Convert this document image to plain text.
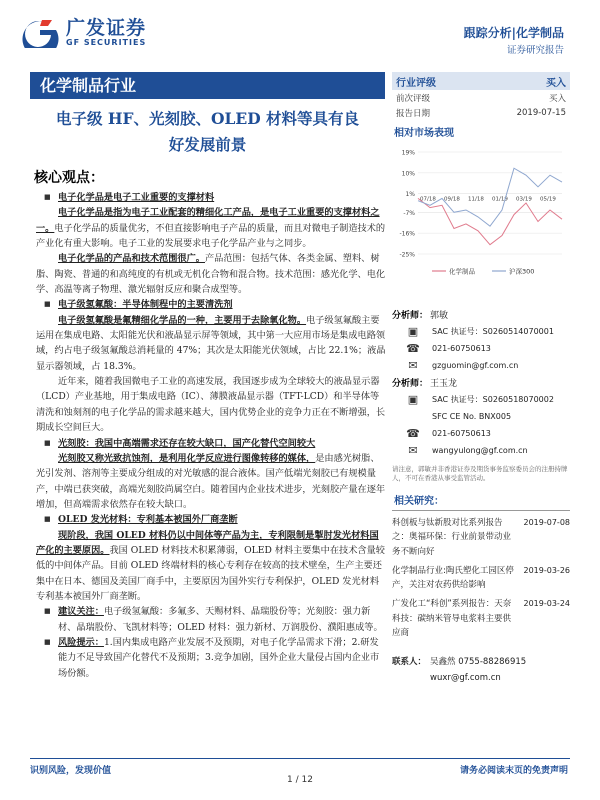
广发证券
GF SECURITIES
跟踪分析|化学制品
证券研究报告
化学制品行业
电子级 HF、光刻胶、OLED 材料等具有良
好发展前景
核心观点：
■ 电子化学品是电子工业重要的支撑材料
电子化学品是指为电子工业配套的精细化工产品，是电子工业重要的支撑材料之一。电子化学品的质量优劣，不但直接影响电子产品的质量，而且对微电子制造技术的产业化有重大影响。电子工业的发展要求电子化学品产业与之同步。
电子化学品的产品和技术范围很广。产品范围：包括气体、各类金属、塑料、树脂、陶瓷、普通的和高纯度的有机或无机化合物和混合物。技术范围：感光化学、电化学、高温等离子物理、激光辐射反应和聚合成型等。
■ 电子级氢氟酸：半导体制程中的主要清洗剂
电子级氢氟酸是氟精细化学品的一种，主要用于去除氧化物。电子级氢氟酸主要运用在集成电路、太阳能光伏和液晶显示屏等领域，其中第一大应用市场是集成电路领域，约占电子级氢氟酸总消耗量的 47%；其次是太阳能光伏领域，占比 22.1%；液晶显示器领域，占 18.3%。
近年来，随着我国微电子工业的高速发展，我国逐步成为全球较大的液晶显示器（LCD）产业基地，用于集成电路（IC）、薄膜液晶显示器（TFT-LCD）和半导体等清洗和蚀刻剂的电子化学品的需求越来越大，国内优势企业的竞争力正在不断增强，长期成长空间巨大。
■ 光刻胶：我国中高端需求还存在较大缺口，国产化替代空间较大
光刻胶又称光致抗蚀剂，是利用化学反应进行图像转移的媒体，是由感光树脂、光引发剂、溶剂等主要成分组成的对光敏感的混合液体。国产低端光刻胶已有规模量产，中端已获突破，高端光刻胶尚属空白。随着国内企业技术进步，光刻胶产量在逐年增加，但高端需求依然存在较大缺口。
■ OLED 发光材料：专利基本被国外厂商垄断
现阶段，我国 OLED 材料仍以中间体等产品为主，专利限制是掣肘发光材料国产化的主要原因。我国 OLED 材料技术积累薄弱，OLED 材料主要集中在技术含量较低的中间体产品。目前 OLED 终端材料的核心专利存在较高的技术壁垒，生产主要还集中在日本、德国及美国厂商手中，主要原因为国外实行专利保护，OLED 发光材料专利基本被国外厂商垄断。
■ 建议关注：电子级氢氟酸：多氟多、天赐材料、晶瑞股份等；光刻胶：强力新材、晶瑞股份、飞凯材料等；OLED 材料：强力新材、万润股份、濮阳惠成等。
■ 风险提示：1.国内集成电路产业发展不及预期，对电子化学品需求下滑；2.研发能力不足导致国产化替代不及预期；3.竞争加剧，国外企业大量侵占国内企业市场份额。
行业评级	买入
前次评级	买入
报告日期	2019-07-15
相对市场表现
19%
10%
1%
-7%
-16%
-25%
07/18 09/18 11/18 01/19 03/19 05/19
化学制品	沪深300
分析师： 郭敏
▣	SAC 执证号：S0260514070001
☎	021-60750613
✉	gzguomin@gf.com.cn
分析师： 王玉龙
▣	SAC 执证号：S0260518070002
SFC CE No. BNX005
☎	021-60750613
✉	wangyulong@gf.com.cn
请注意，郭敏并非香港证券及期货事务监察委员会的注册持牌人，不可在香港从事受监管活动。
相关研究：
科创板与钛新股对比系列报告之：奥福环保：行业前景带动业务不断向好
2019-07-08
化学制品行业:陶氏塑化工园区停产，关注对农药供给影响
2019-03-26
广发化工“科创”系列报告：天奈科技：碳纳米管导电浆料主要供应商
2019-03-24
联系人： 吴鑫然 0755-88286915
wuxr@gf.com.cn
识别风险，发现价值	请务必阅读末页的免责声明
1 / 12
